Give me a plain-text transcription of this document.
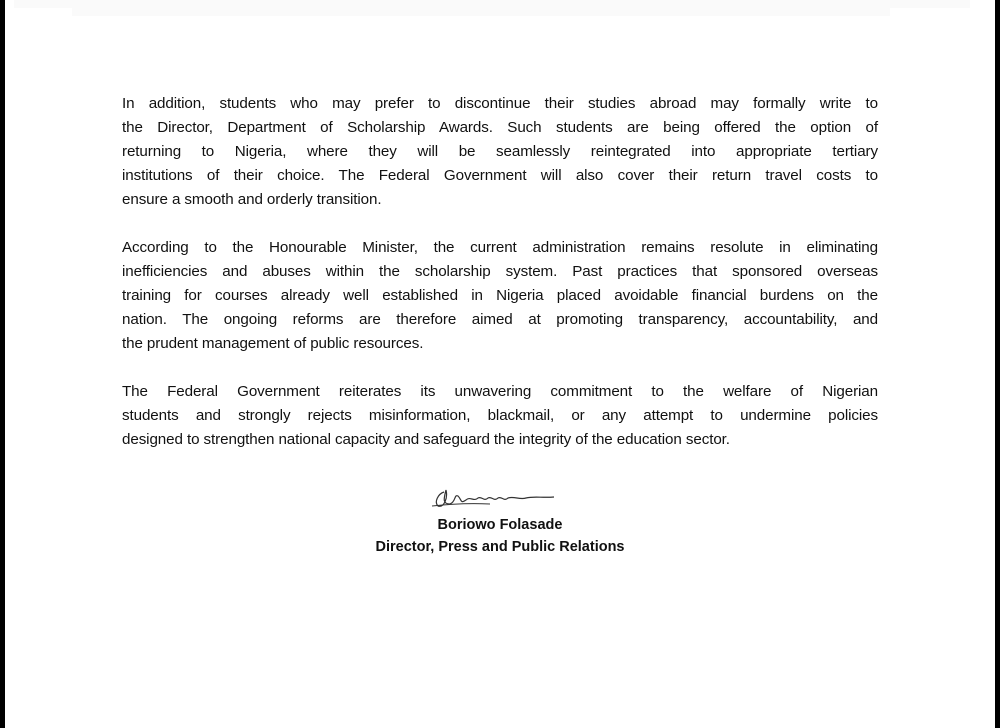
In addition, students who may prefer to discontinue their studies abroad may formally write to
the Director, Department of Scholarship Awards. Such students are being offered the option of
returning to Nigeria, where they will be seamlessly reintegrated into appropriate tertiary
institutions of their choice. The Federal Government will also cover their return travel costs to
ensure a smooth and orderly transition.
According to the Honourable Minister, the current administration remains resolute in eliminating
inefficiencies and abuses within the scholarship system. Past practices that sponsored overseas
training for courses already well established in Nigeria placed avoidable financial burdens on the
nation. The ongoing reforms are therefore aimed at promoting transparency, accountability, and
the prudent management of public resources.
The Federal Government reiterates its unwavering commitment to the welfare of Nigerian
students and strongly rejects misinformation, blackmail, or any attempt to undermine policies
designed to strengthen national capacity and safeguard the integrity of the education sector.
Boriowo Folasade
Director, Press and Public Relations
